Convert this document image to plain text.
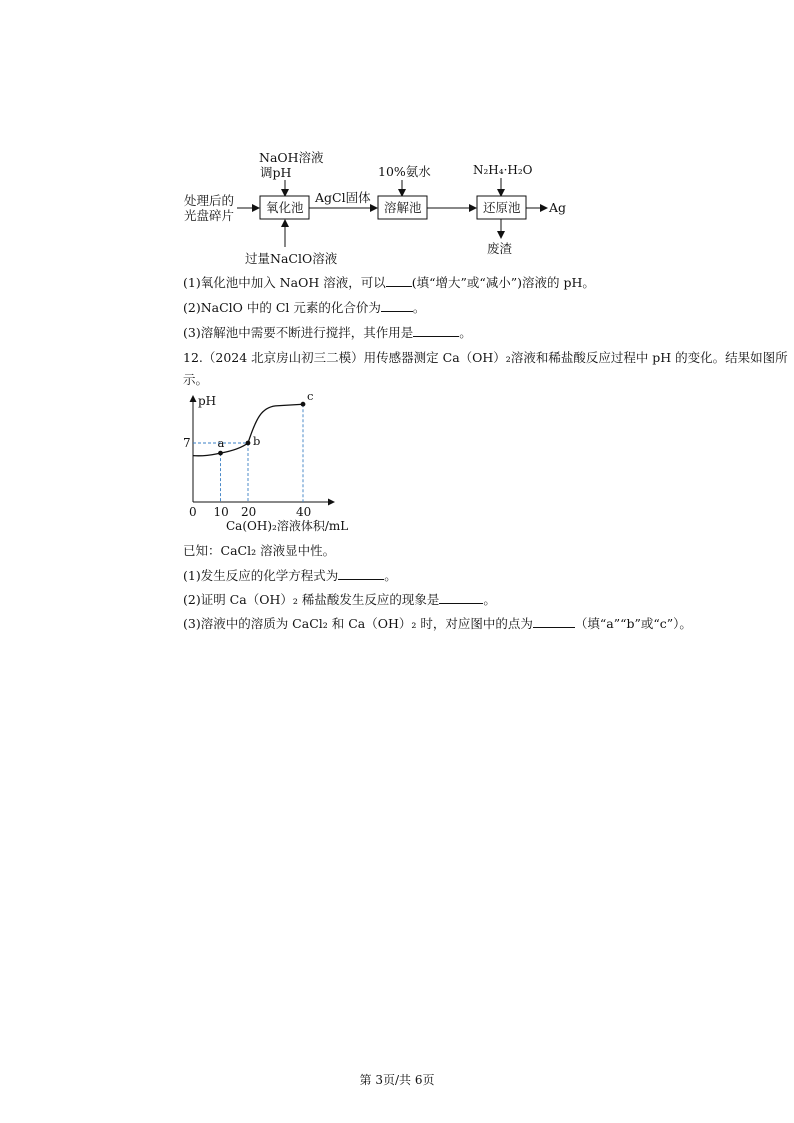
处理后的
光盘碎片
NaOH溶液
调pH
氧化池
过量NaClO溶液
AgCl固体
10%氨水
溶解池
N₂H₄·H₂O
还原池 Ag
废渣
(1)氧化池中加入 NaOH 溶液，可以 (填“增大”或“减小”)溶液的 pH。
(2)NaClO 中的 Cl 元素的化合价为	。
(3)溶解池中需要不断进行搅拌，其作用是	。
12.（2024 北京房山初三二模）用传感器测定 Ca（OH）₂溶液和稀盐酸反应过程中 pH 的变化。结果如图所
示。
pH
Ca(OH)₂溶液体积/mL
a b
c
7
0 10 20	40
已知：CaCl₂ 溶液显中性。
(1)发生反应的化学方程式为	。
(2)证明 Ca（OH）₂ 稀盐酸发生反应的现象是	。
(3)溶液中的溶质为 CaCl₂ 和 Ca（OH）₂ 时，对应图中的点为	（填“a”“b”或“c”）。
第 3页/共 6页
